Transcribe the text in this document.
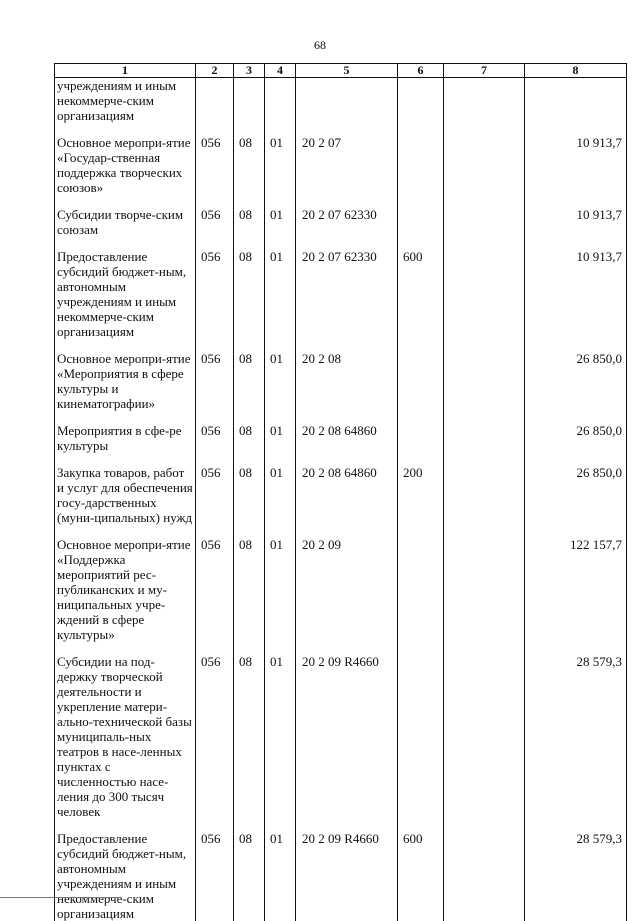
68
1	2	3	4	5	6	7	8
учреждениям и иным некоммерче-ским организациям							

Основное меропри-ятие «Государ-ственная поддержка творческих союзов»	056	08	01	20 2 07			10 913,7

Субсидии творче-ским союзам	056	08	01	20 2 07 62330			10 913,7

Предоставление субсидий бюджет-ным, автономным учреждениям и иным некоммерче-ским организациям	056	08	01	20 2 07 62330	600		10 913,7

Основное меропри-ятие «Мероприятия в сфере культуры и кинематографии»	056	08	01	20 2 08			26 850,0

Мероприятия в сфе-ре культуры	056	08	01	20 2 08 64860			26 850,0

Закупка товаров, работ и услуг для обеспечения госу-дарственных (муни-ципальных) нужд	056	08	01	20 2 08 64860	200		26 850,0

Основное меропри-ятие «Поддержка мероприятий рес-публиканских и му-ниципальных учре-ждений в сфере культуры»	056	08	01	20 2 09			122 157,7

Субсидии на под-держку творческой деятельности и укрепление матери-ально-технической базы муниципаль-ных театров в насе-ленных пунктах с численностью насе-ления до 300 тысяч человек	056	08	01	20 2 09 R4660			28 579,3

Предоставление субсидий бюджет-ным, автономным учреждениям и иным некоммерче-ским организациям	056	08	01	20 2 09 R4660	600		28 579,3
